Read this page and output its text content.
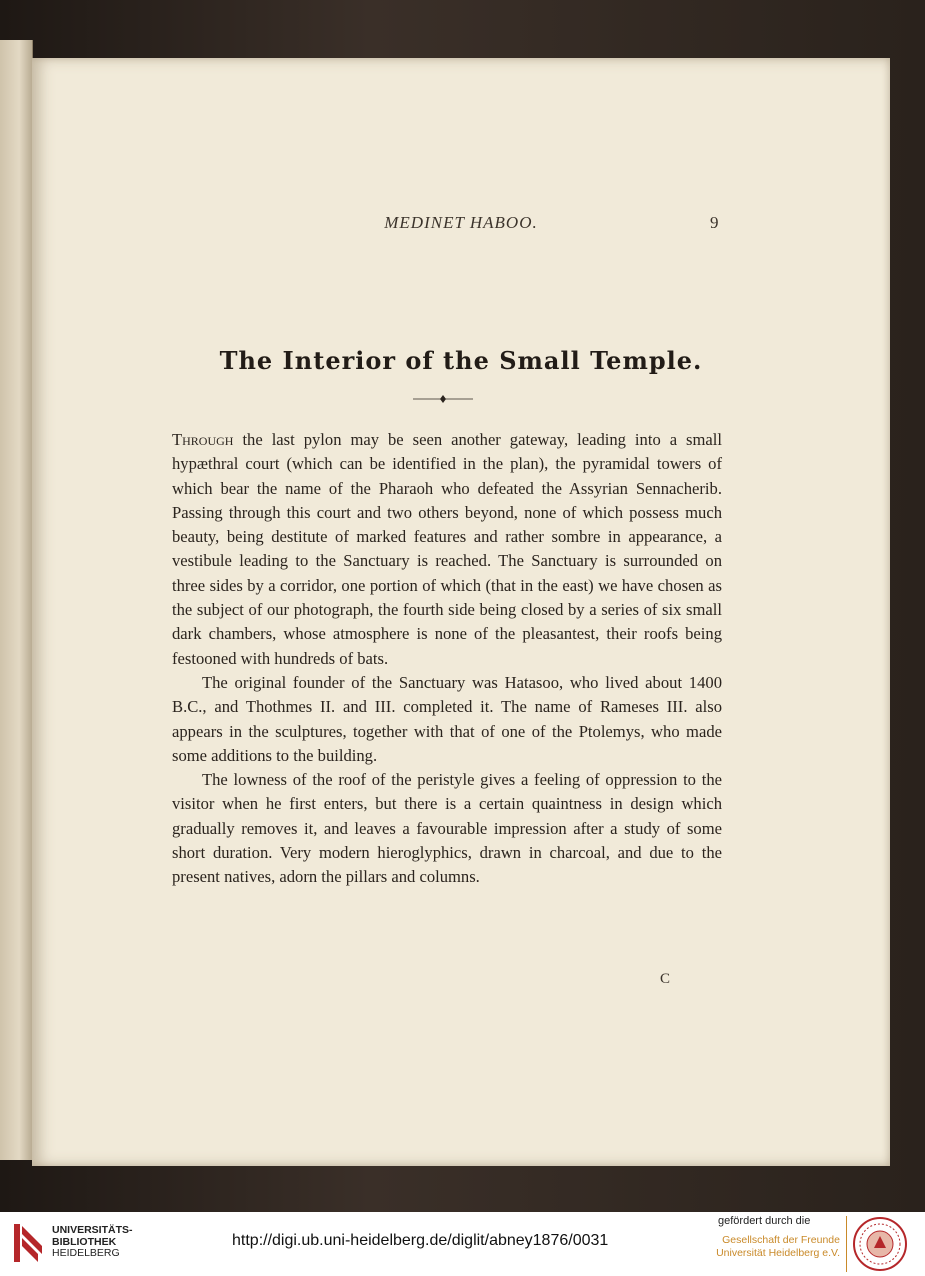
MEDINET HABOO.	9
The Interior of the Small Temple.

Through the last pylon may be seen another gateway, leading into a small hypæthral court (which can be identified in the plan), the pyramidal towers of which bear the name of the Pharaoh who defeated the Assyrian Sennacherib. Passing through this court and two others beyond, none of which possess much beauty, being destitute of marked features and rather sombre in appearance, a vestibule leading to the Sanctuary is reached. The Sanctuary is surrounded on three sides by a corridor, one portion of which (that in the east) we have chosen as the subject of our photograph, the fourth side being closed by a series of six small dark chambers, whose atmosphere is none of the pleasantest, their roofs being festooned with hundreds of bats.

The original founder of the Sanctuary was Hatasoo, who lived about 1400 B.C., and Thothmes II. and III. completed it. The name of Rameses III. also appears in the sculptures, together with that of one of the Ptolemys, who made some additions to the building.

The lowness of the roof of the peristyle gives a feeling of oppression to the visitor when he first enters, but there is a certain quaintness in design which gradually removes it, and leaves a favourable impression after a study of some short duration. Very modern hieroglyphics, drawn in charcoal, and due to the present natives, adorn the pillars and columns.

C
UNIVERSITÄTS-
BIBLIOTHEK
HEIDELBERG
http://digi.ub.uni-heidelberg.de/diglit/abney1876/0031
gefördert durch die
Gesellschaft der Freunde
Universität Heidelberg e.V.
